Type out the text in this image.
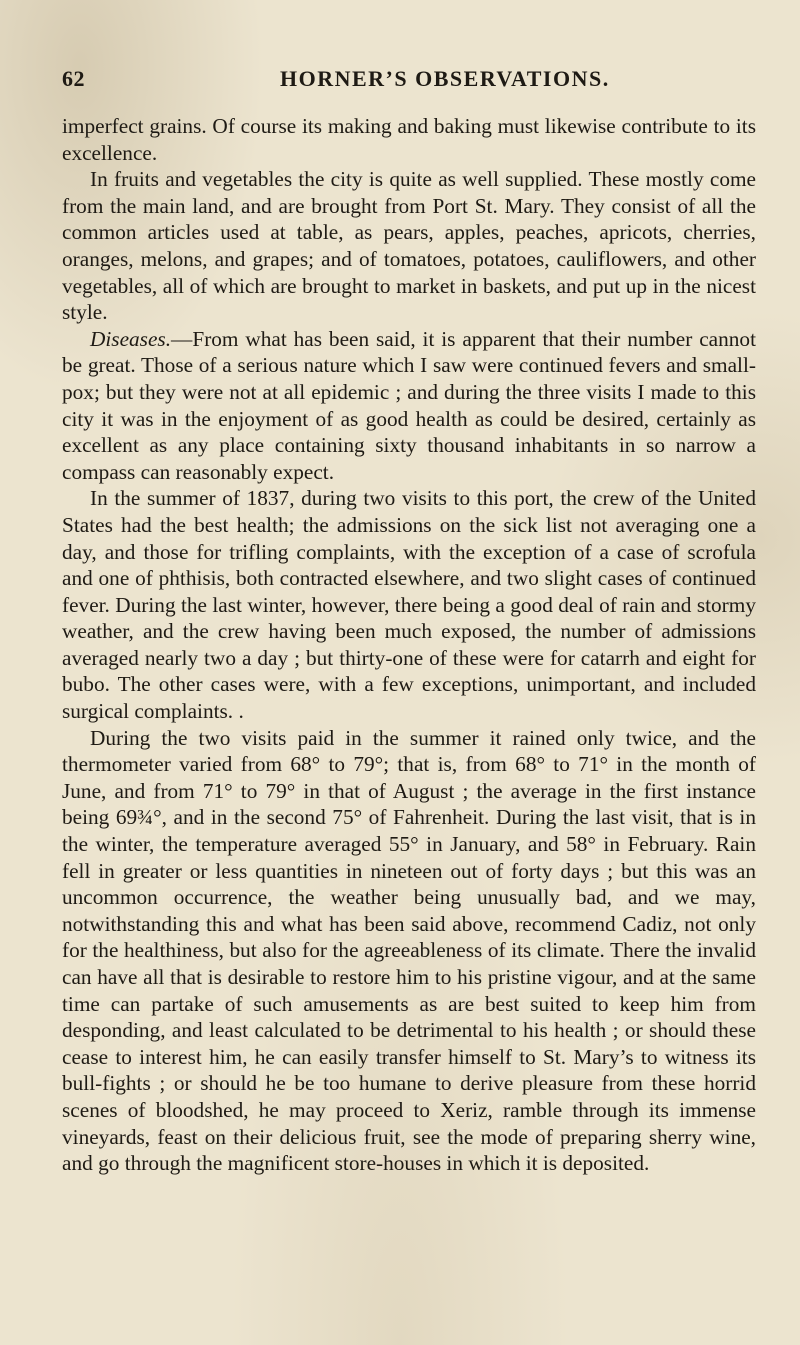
62	HORNER’S OBSERVATIONS.

imperfect grains. Of course its making and baking must likewise contribute to its excellence.

In fruits and vegetables the city is quite as well supplied. These mostly come from the main land, and are brought from Port St. Mary. They consist of all the common articles used at table, as pears, apples, peaches, apricots, cherries, oranges, melons, and grapes; and of tomatoes, potatoes, cauliflowers, and other vegetables, all of which are brought to market in baskets, and put up in the nicest style.

Diseases.—From what has been said, it is apparent that their number cannot be great. Those of a serious nature which I saw were continued fevers and small-pox; but they were not at all epidemic ; and during the three visits I made to this city it was in the enjoyment of as good health as could be desired, certainly as excellent as any place containing sixty thousand inhabitants in so narrow a compass can reasonably expect.

In the summer of 1837, during two visits to this port, the crew of the United States had the best health; the admissions on the sick list not averaging one a day, and those for trifling complaints, with the exception of a case of scrofula and one of phthisis, both contracted elsewhere, and two slight cases of continued fever. During the last winter, however, there being a good deal of rain and stormy weather, and the crew having been much exposed, the number of admissions averaged nearly two a day ; but thirty-one of these were for catarrh and eight for bubo. The other cases were, with a few exceptions, unimportant, and included surgical complaints. .

During the two visits paid in the summer it rained only twice, and the thermometer varied from 68° to 79°; that is, from 68° to 71° in the month of June, and from 71° to 79° in that of August ; the average in the first instance being 69¾°, and in the second 75° of Fahrenheit. During the last visit, that is in the winter, the temperature averaged 55° in January, and 58° in February. Rain fell in greater or less quantities in nineteen out of forty days ; but this was an uncommon occurrence, the weather being unusually bad, and we may, notwithstanding this and what has been said above, recommend Cadiz, not only for the healthiness, but also for the agreeableness of its climate. There the invalid can have all that is desirable to restore him to his pristine vigour, and at the same time can partake of such amusements as are best suited to keep him from desponding, and least calculated to be detrimental to his health ; or should these cease to interest him, he can easily transfer himself to St. Mary’s to witness its bull-fights ; or should he be too humane to derive pleasure from these horrid scenes of bloodshed, he may proceed to Xeriz, ramble through its immense vineyards, feast on their delicious fruit, see the mode of preparing sherry wine, and go through the magnificent store-houses in which it is deposited.
